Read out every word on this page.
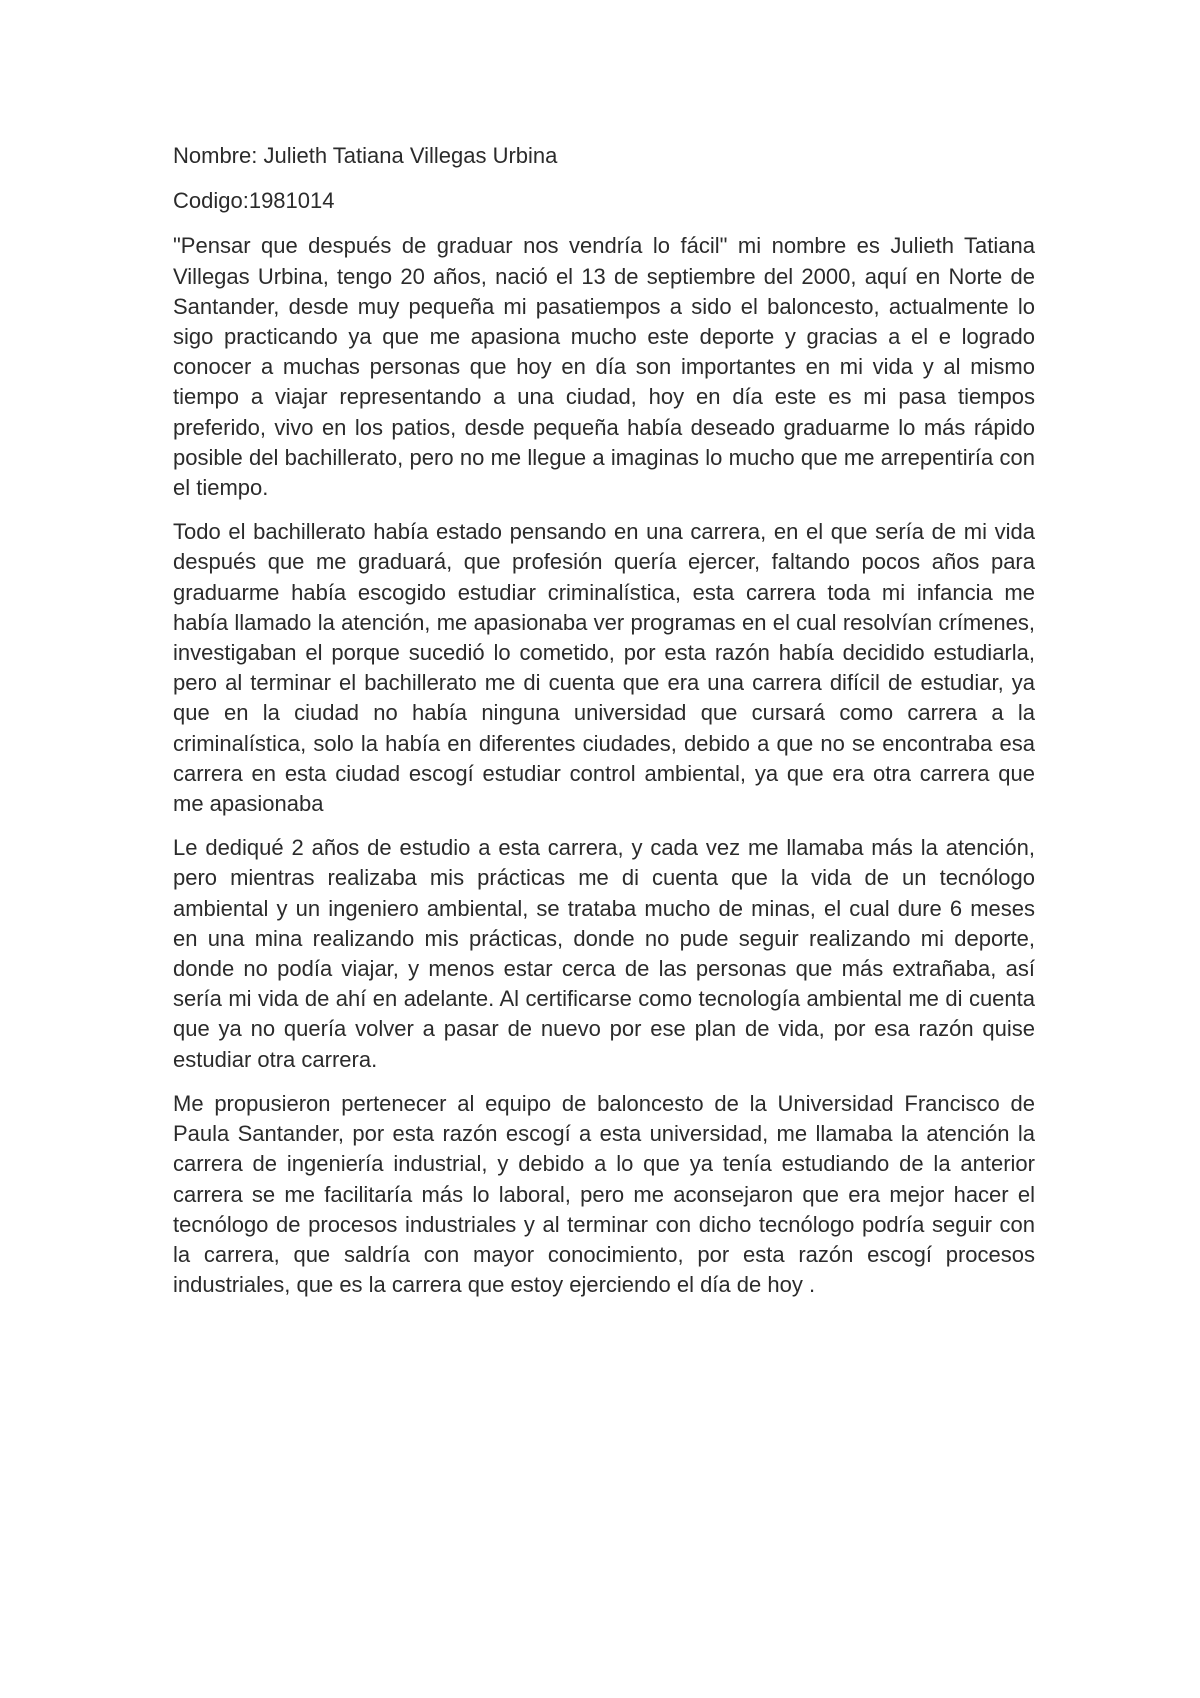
Nombre: Julieth Tatiana Villegas Urbina
Codigo:1981014

"Pensar que después de graduar nos vendría lo fácil" mi nombre es Julieth Tatiana Villegas Urbina, tengo 20 años, nació el 13 de septiembre del 2000, aquí en Norte de Santander, desde muy pequeña mi pasatiempos a sido el baloncesto, actualmente lo sigo practicando ya que me apasiona mucho este deporte y gracias a el e logrado conocer a muchas personas que hoy en día son importantes en mi vida y al mismo tiempo a viajar representando a una ciudad, hoy en día este es mi pasa tiempos preferido, vivo en los patios, desde pequeña había deseado graduarme lo más rápido posible del bachillerato, pero no me llegue a imaginas lo mucho que me arrepentiría con el tiempo.

Todo el bachillerato había estado pensando en una carrera, en el que sería de mi vida después que me graduará, que profesión quería ejercer, faltando pocos años para graduarme había escogido estudiar criminalística, esta carrera toda mi infancia me había llamado la atención, me apasionaba ver programas en el cual resolvían crímenes, investigaban el porque sucedió lo cometido, por esta razón había decidido estudiarla, pero al terminar el bachillerato me di cuenta que era una carrera difícil de estudiar, ya que en la ciudad no había ninguna universidad que cursará como carrera a la criminalística, solo la había en diferentes ciudades, debido a que no se encontraba esa carrera en esta ciudad escogí estudiar control ambiental, ya que era otra carrera que me apasionaba

Le dediqué 2 años de estudio a esta carrera, y cada vez me llamaba más la atención, pero mientras realizaba mis prácticas me di cuenta que la vida de un tecnólogo ambiental y un ingeniero ambiental, se trataba mucho de minas, el cual dure 6 meses en una mina realizando mis prácticas, donde no pude seguir realizando mi deporte, donde no podía viajar, y menos estar cerca de las personas que más extrañaba, así sería mi vida de ahí en adelante. Al certificarse como tecnología ambiental me di cuenta que ya no quería volver a pasar de nuevo por ese plan de vida, por esa razón quise estudiar otra carrera.

Me propusieron pertenecer al equipo de baloncesto de la Universidad Francisco de Paula Santander, por esta razón escogí a esta universidad, me llamaba la atención la carrera de ingeniería industrial, y debido a lo que ya tenía estudiando de la anterior carrera se me facilitaría más lo laboral, pero me aconsejaron que era mejor hacer el tecnólogo de procesos industriales y al terminar con dicho tecnólogo podría seguir con la carrera, que saldría con mayor conocimiento, por esta razón escogí procesos industriales, que es la carrera que estoy ejerciendo el día de hoy .
